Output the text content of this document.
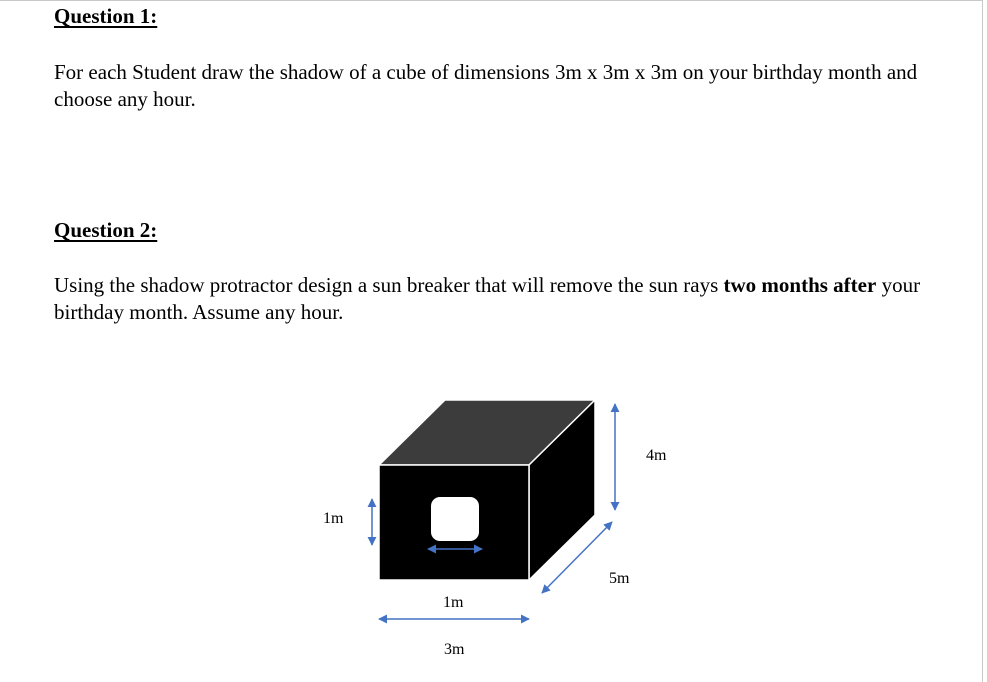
Question 1:
For each Student draw the shadow of a cube of dimensions 3m x 3m x 3m on your birthday month and choose any hour.
Question 2:
Using the shadow protractor design a sun breaker that will remove the sun rays two months after your birthday month. Assume any hour.
4m
1m
1m
3m
5m
